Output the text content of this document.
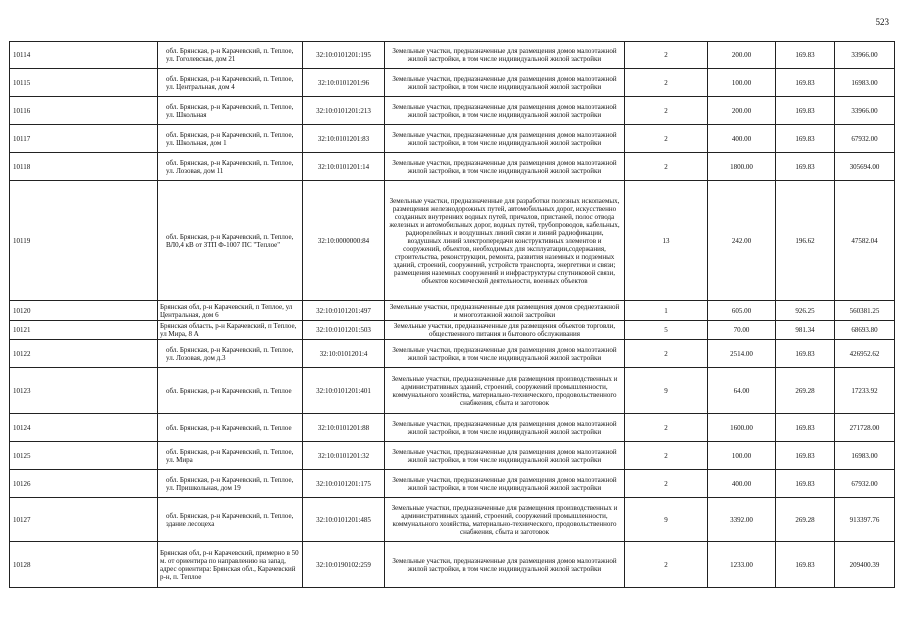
523
10114	обл. Брянская, р-н Карачевский, п. Теплое, ул. Гоголевская, дом 21	32:10:0101201:195	Земельные участки, предназначенные для размещения домов малоэтажной жилой застройки, в том числе индивидуальной жилой застройки	2	200.00	169.83	33966.00
10115	обл. Брянская, р-н Карачевский, п. Теплое, ул. Центральная, дом 4	32:10:0101201:96	Земельные участки, предназначенные для размещения домов малоэтажной жилой застройки, в том числе индивидуальной жилой застройки	2	100.00	169.83	16983.00
10116	обл. Брянская, р-н Карачевский, п. Теплое, ул. Школьная	32:10:0101201:213	Земельные участки, предназначенные для размещения домов малоэтажной жилой застройки, в том числе индивидуальной жилой застройки	2	200.00	169.83	33966.00
10117	обл. Брянская, р-н Карачевский, п. Теплое, ул. Школьная, дом 1	32:10:0101201:83	Земельные участки, предназначенные для размещения домов малоэтажной жилой застройки, в том числе индивидуальной жилой застройки	2	400.00	169.83	67932.00
10118	обл. Брянская, р-н Карачевский, п. Теплое, ул. Лозовая, дом 11	32:10:0101201:14	Земельные участки, предназначенные для размещения домов малоэтажной жилой застройки, в том числе индивидуальной жилой застройки	2	1800.00	169.83	305694.00
10119	обл. Брянская, р-н Карачевский, п. Теплое, ВЛ0,4 кВ от ЗТП Ф-1007 ПС "Теплое"	32:10:0000000:84	Земельные участки, предназначенные для разработки полезных ископаемых, размещения железнодорожных путей, автомобильных дорог, искусственно созданных внутренних водных путей, причалов, пристаней, полос отвода железных и автомобильных дорог, водных путей, трубопроводов, кабельных, радиорелейных и воздушных линий связи и линий радиофикации, воздушных линий электропередачи конструктивных элементов и сооружений, объектов, необходимых для эксплуатации,содержания, строительства, реконструкции, ремонта, развития наземных и подземных зданий, строений, сооружений, устройств транспорта, энергетики и связи; размещения наземных сооружений и инфраструктуры спутниковой связи, объектов космической деятельности, военных объектов	13	242.00	196.62	47582.04
10120	Брянская обл, р-н Карачевский, п Теплое, ул Центральная, дом 6	32:10:0101201:497	Земельные участки, предназначенные для размещения домов среднеэтажной и многоэтажной жилой застройки	1	605.00	926.25	560381.25
10121	Брянская область, р-н Карачевский, п Теплое, ул Мира, 8 А	32:10:0101201:503	Земельные участки, предназначенные для размещения объектов торговли, общественного питания и бытового обслуживания	5	70.00	981.34	68693.80
10122	обл. Брянская, р-н Карачевский, п. Теплое, ул. Лозовая, дом д.3	32:10:0101201:4	Земельные участки, предназначенные для размещения домов малоэтажной жилой застройки, в том числе индивидуальной жилой застройки	2	2514.00	169.83	426952.62
10123	обл. Брянская, р-н Карачевский, п. Теплое	32:10:0101201:401	Земельные участки, предназначенные для размещения производственных и административных зданий, строений, сооружений промышленности, коммунального хозяйства, материально-технического, продовольственного снабжения, сбыта и заготовок	9	64.00	269.28	17233.92
10124	обл. Брянская, р-н Карачевский, п. Теплое	32:10:0101201:88	Земельные участки, предназначенные для размещения домов малоэтажной жилой застройки, в том числе индивидуальной жилой застройки	2	1600.00	169.83	271728.00
10125	обл. Брянская, р-н Карачевский, п. Теплое, ул. Мира	32:10:0101201:32	Земельные участки, предназначенные для размещения домов малоэтажной жилой застройки, в том числе индивидуальной жилой застройки	2	100.00	169.83	16983.00
10126	обл. Брянская, р-н Карачевский, п. Теплое, ул. Пришкольная, дом 19	32:10:0101201:175	Земельные участки, предназначенные для размещения домов малоэтажной жилой застройки, в том числе индивидуальной жилой застройки	2	400.00	169.83	67932.00
10127	обл. Брянская, р-н Карачевский, п. Теплое, здание лесоцеха	32:10:0101201:485	Земельные участки, предназначенные для размещения производственных и административных зданий, строений, сооружений промышленности, коммунального хозяйства, материально-технического, продовольственного снабжения, сбыта и заготовок	9	3392.00	269.28	913397.76
10128	Брянская обл, р-н Карачевский, примерно в 50 м. от ориентира по направлению на запад, адрес ориентира: Брянская обл., Карачевский р-н, п. Теплое	32:10:0190102:259	Земельные участки, предназначенные для размещения домов малоэтажной жилой застройки, в том числе индивидуальной жилой застройки	2	1233.00	169.83	209400.39
